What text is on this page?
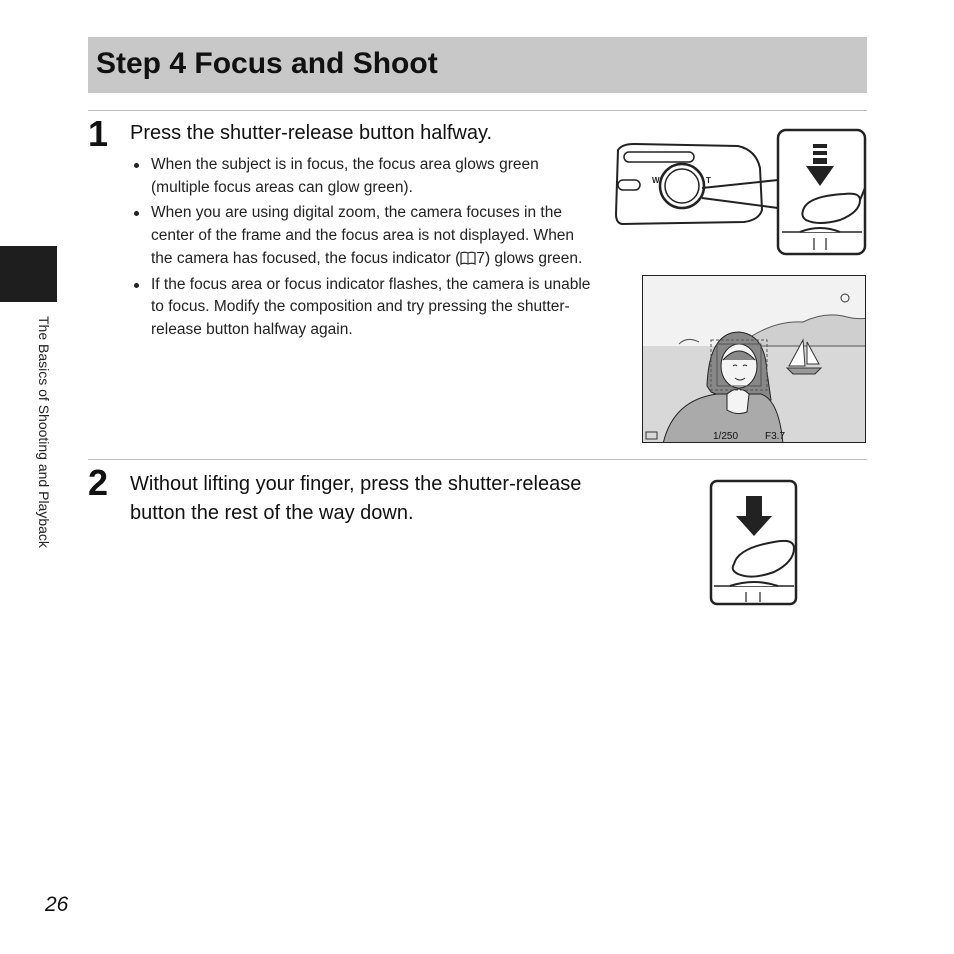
Step 4 Focus and Shoot
The Basics of Shooting and Playback
1 Press the shutter-release button halfway.
When the subject is in focus, the focus area glows green (multiple focus areas can glow green).
When you are using digital zoom, the camera focuses in the center of the frame and the focus area is not displayed. When the camera has focused, the focus indicator ( 7) glows green.
If the focus area or focus indicator flashes, the camera is unable to focus. Modify the composition and try pressing the shutter-release button halfway again.
W	T
1/250	F3.7
2 Without lifting your finger, press the shutter-release button the rest of the way down.
26
